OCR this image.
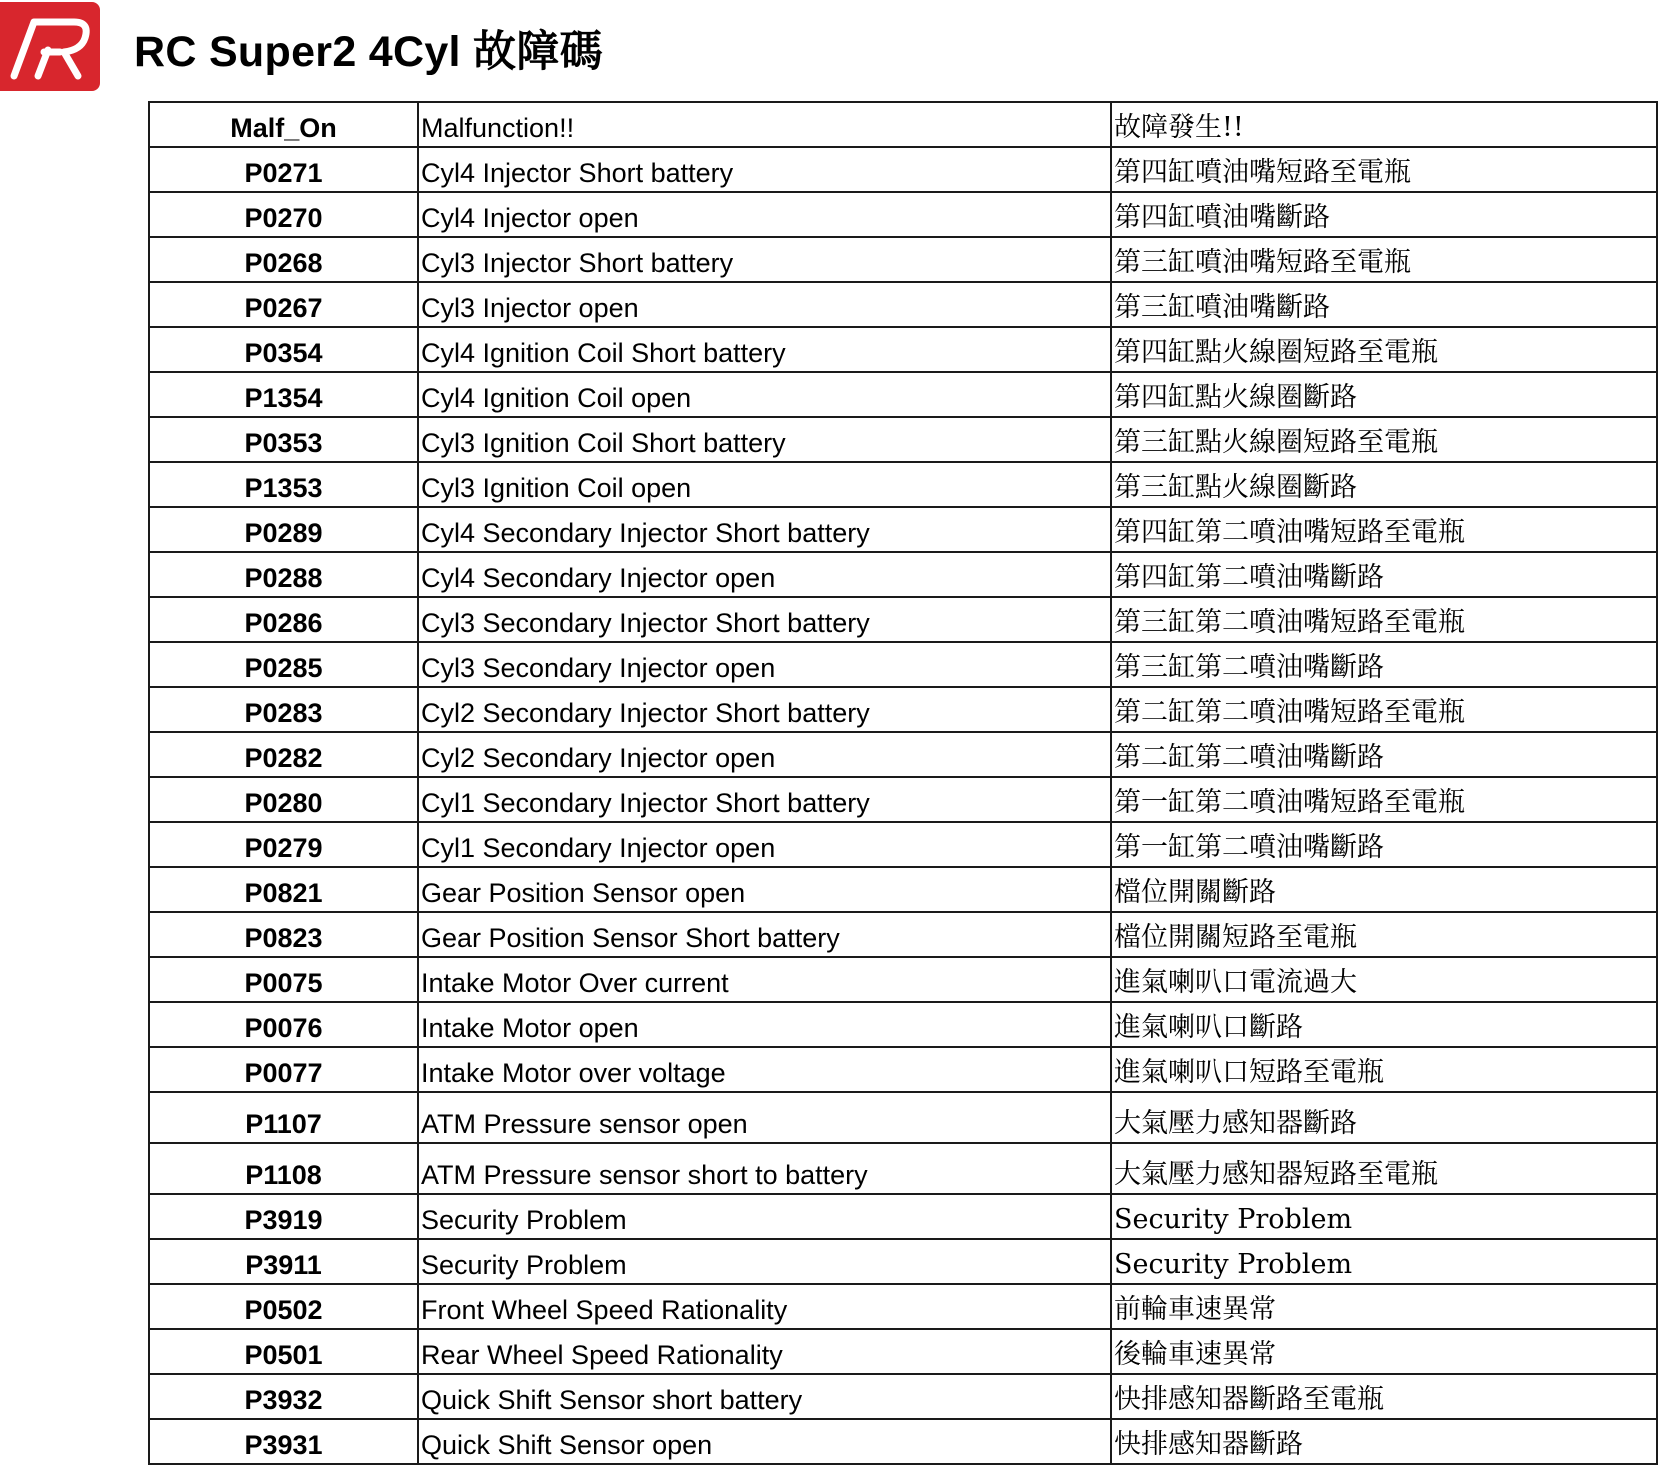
RC Super2 4Cyl 故障碼
Malf_On	Malfunction!!	故障發生!!
P0271	Cyl4 Injector Short battery	第四缸噴油嘴短路至電瓶
P0270	Cyl4 Injector open	第四缸噴油嘴斷路
P0268	Cyl3 Injector Short battery	第三缸噴油嘴短路至電瓶
P0267	Cyl3 Injector open	第三缸噴油嘴斷路
P0354	Cyl4 Ignition Coil Short battery	第四缸點火線圈短路至電瓶
P1354	Cyl4 Ignition Coil open	第四缸點火線圈斷路
P0353	Cyl3 Ignition Coil Short battery	第三缸點火線圈短路至電瓶
P1353	Cyl3 Ignition Coil open	第三缸點火線圈斷路
P0289	Cyl4 Secondary Injector Short battery	第四缸第二噴油嘴短路至電瓶
P0288	Cyl4 Secondary Injector open	第四缸第二噴油嘴斷路
P0286	Cyl3 Secondary Injector Short battery	第三缸第二噴油嘴短路至電瓶
P0285	Cyl3 Secondary Injector open	第三缸第二噴油嘴斷路
P0283	Cyl2 Secondary Injector Short battery	第二缸第二噴油嘴短路至電瓶
P0282	Cyl2 Secondary Injector open	第二缸第二噴油嘴斷路
P0280	Cyl1 Secondary Injector Short battery	第一缸第二噴油嘴短路至電瓶
P0279	Cyl1 Secondary Injector open	第一缸第二噴油嘴斷路
P0821	Gear Position Sensor open	檔位開關斷路
P0823	Gear Position Sensor Short battery	檔位開關短路至電瓶
P0075	Intake Motor Over current	進氣喇叭口電流過大
P0076	Intake Motor open	進氣喇叭口斷路
P0077	Intake Motor over voltage	進氣喇叭口短路至電瓶
P1107	ATM Pressure sensor open	大氣壓力感知器斷路
P1108	ATM Pressure sensor short to battery	大氣壓力感知器短路至電瓶
P3919	Security Problem	Security Problem
P3911	Security Problem	Security Problem
P0502	Front Wheel Speed Rationality	前輪車速異常
P0501	Rear Wheel Speed Rationality	後輪車速異常
P3932	Quick Shift Sensor short battery	快排感知器斷路至電瓶
P3931	Quick Shift Sensor open	快排感知器斷路
